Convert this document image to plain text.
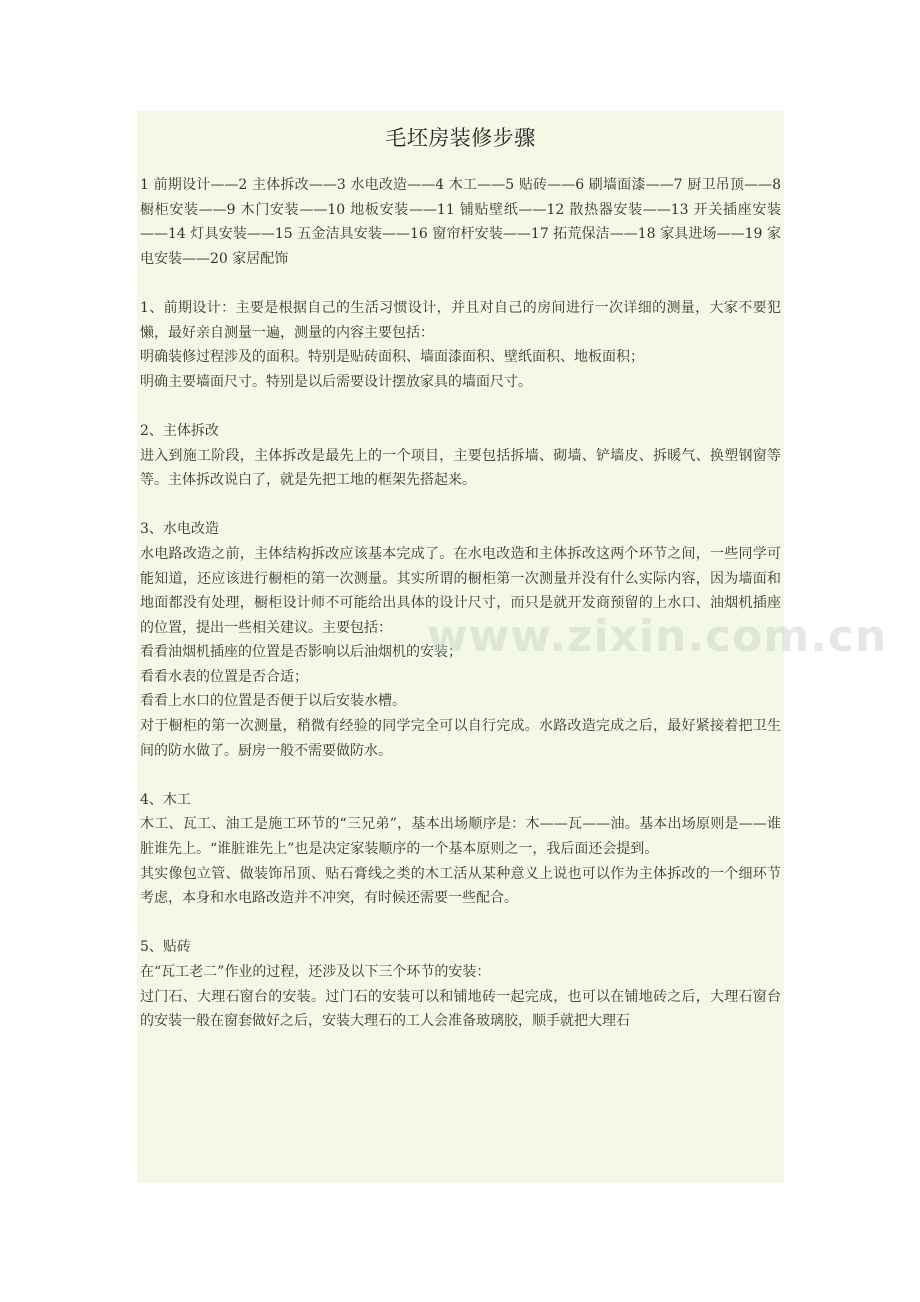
毛坯房装修步骤

1 前期设计——2 主体拆改——3 水电改造——4 木工——5 贴砖——6 刷墙面漆——7 厨卫吊顶——8 橱柜安装——9 木门安装——10 地板安装——11 铺贴壁纸——12 散热器安装——13 开关插座安装——14 灯具安装——15 五金洁具安装——16 窗帘杆安装——17 拓荒保洁——18 家具进场——19 家电安装——20 家居配饰

1、前期设计：主要是根据自己的生活习惯设计，并且对自己的房间进行一次详细的测量，大家不要犯懒，最好亲自测量一遍，测量的内容主要包括：

明确装修过程涉及的面积。特别是贴砖面积、墙面漆面积、壁纸面积、地板面积；

明确主要墙面尺寸。特别是以后需要设计摆放家具的墙面尺寸。

2、主体拆改

进入到施工阶段，主体拆改是最先上的一个项目，主要包括拆墙、砌墙、铲墙皮、拆暖气、换塑钢窗等等。主体拆改说白了，就是先把工地的框架先搭起来。

3、水电改造

水电路改造之前，主体结构拆改应该基本完成了。在水电改造和主体拆改这两个环节之间，一些同学可能知道，还应该进行橱柜的第一次测量。其实所谓的橱柜第一次测量并没有什么实际内容，因为墙面和地面都没有处理，橱柜设计师不可能给出具体的设计尺寸，而只是就开发商预留的上水口、油烟机插座的位置，提出一些相关建议。主要包括：

看看油烟机插座的位置是否影响以后油烟机的安装；

看看水表的位置是否合适；

看看上水口的位置是否便于以后安装水槽。

对于橱柜的第一次测量，稍微有经验的同学完全可以自行完成。水路改造完成之后，最好紧接着把卫生间的防水做了。厨房一般不需要做防水。

4、木工

木工、瓦工、油工是施工环节的“三兄弟”，基本出场顺序是：木——瓦——油。基本出场原则是——谁脏谁先上。“谁脏谁先上”也是决定家装顺序的一个基本原则之一，我后面还会提到。

其实像包立管、做装饰吊顶、贴石膏线之类的木工活从某种意义上说也可以作为主体拆改的一个细环节考虑，本身和水电路改造并不冲突，有时候还需要一些配合。

5、贴砖

在“瓦工老二”作业的过程，还涉及以下三个环节的安装：

过门石、大理石窗台的安装。过门石的安装可以和铺地砖一起完成，也可以在铺地砖之后，大理石窗台的安装一般在窗套做好之后，安装大理石的工人会准备玻璃胶，顺手就把大理石

www.zixin.com.cn
